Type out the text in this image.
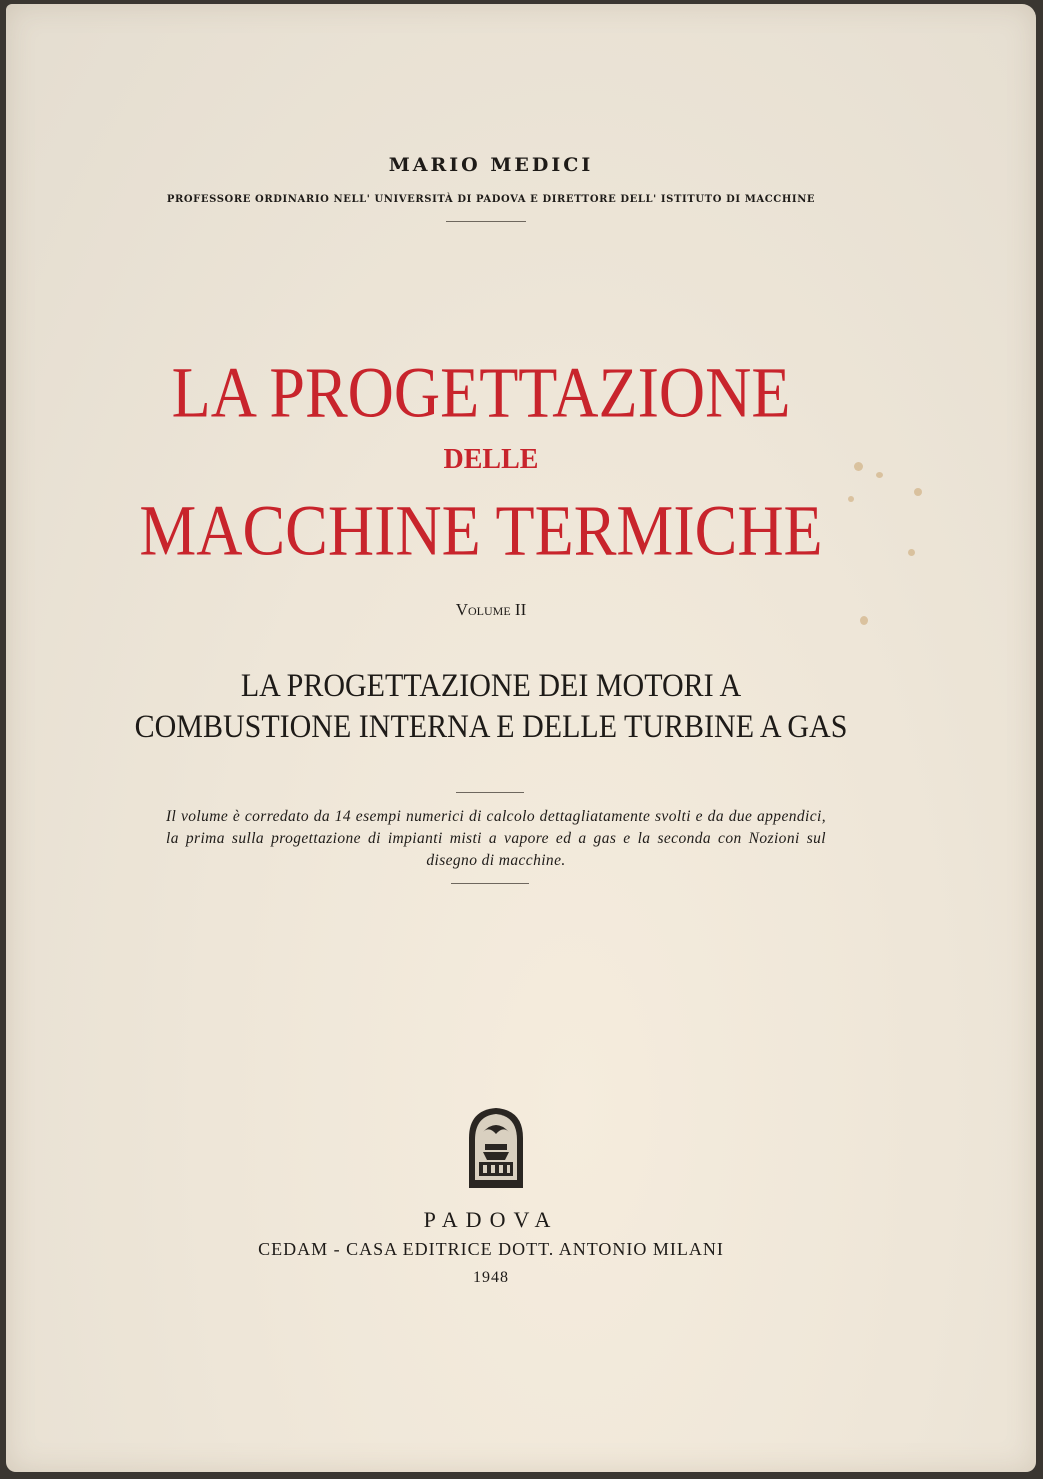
MARIO MEDICI
PROFESSORE ORDINARIO NELL' UNIVERSITÀ DI PADOVA E DIRETTORE DELL' ISTITUTO DI MACCHINE
LA PROGETTAZIONE
DELLE
MACCHINE TERMICHE
Volume II
LA PROGETTAZIONE DEI MOTORI A
COMBUSTIONE INTERNA E DELLE TURBINE A GAS
Il volume è corredato da 14 esempi numerici di calcolo dettagliatamente svolti e da due appendici, la prima sulla progettazione di impianti misti a vapore ed a gas e la seconda con Nozioni sul disegno di macchine.
PADOVA
CEDAM - CASA EDITRICE DOTT. ANTONIO MILANI
1948
